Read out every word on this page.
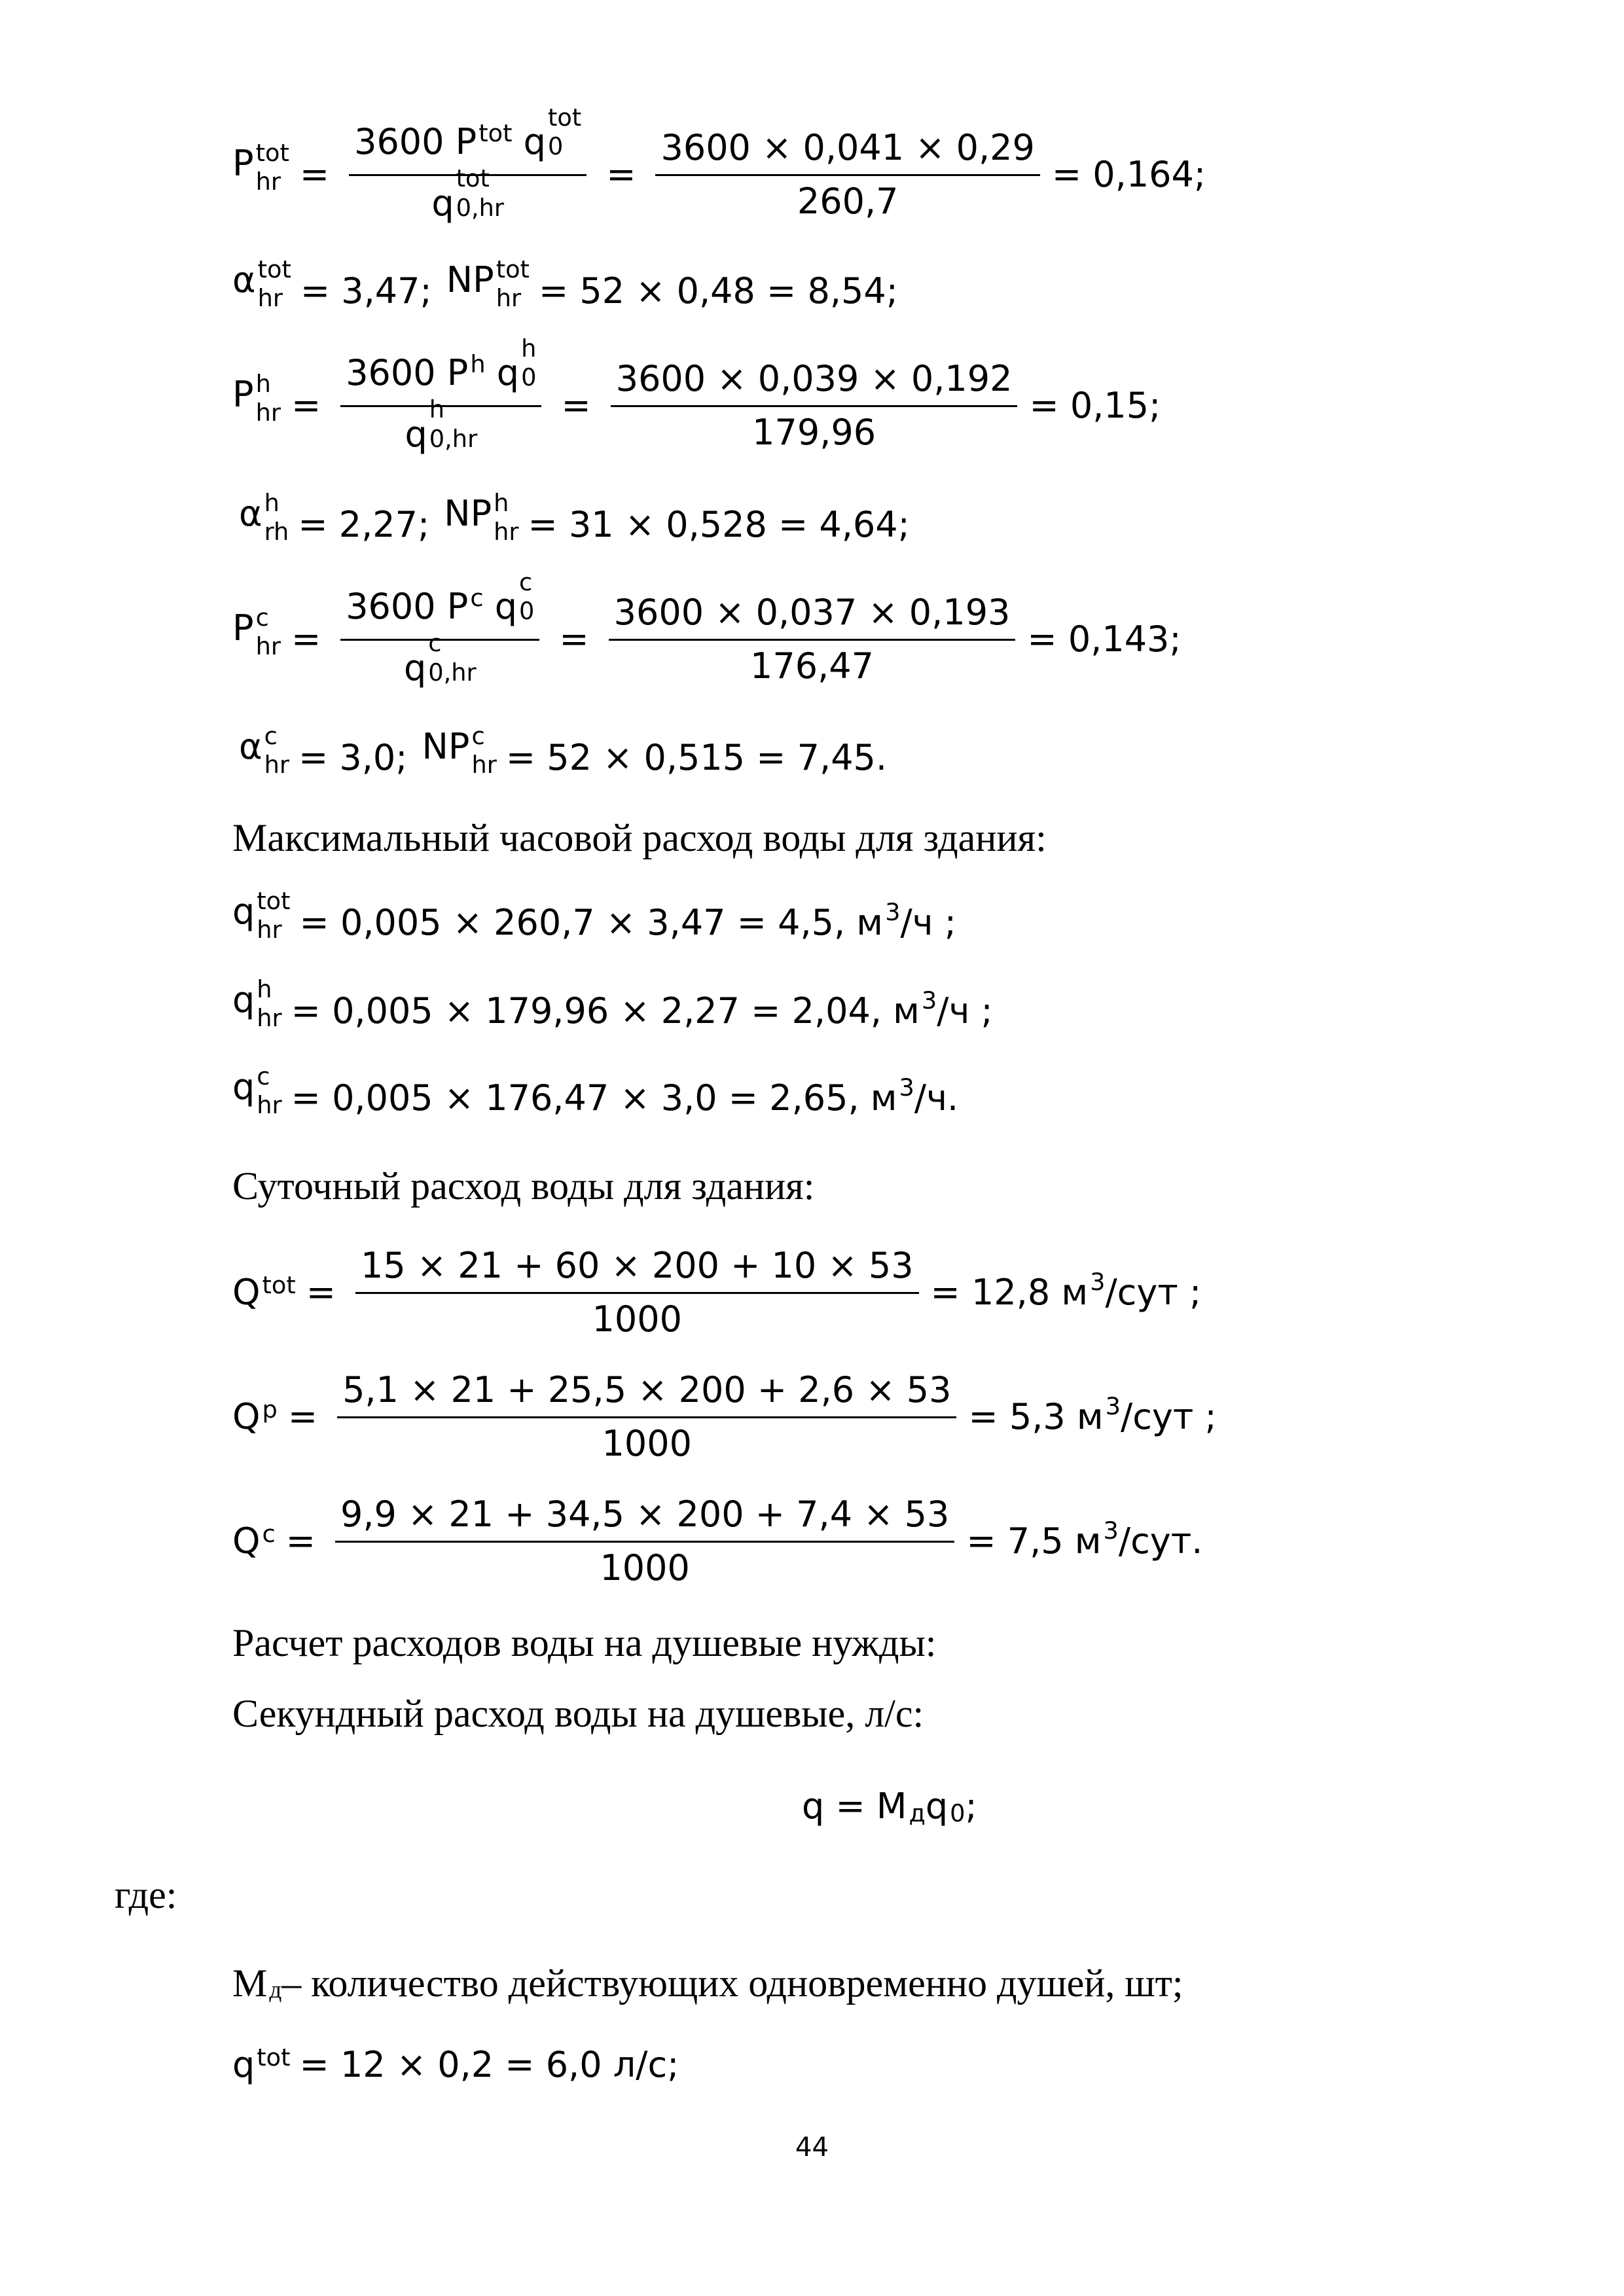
P tot
hr = 3600 P tot q
tot
0
q
tot
$0,hr = \frac{3600 \times 0,041 \times 0,29}{260,7} = 0,164$;
α tot
hr = 3,47; NP tot
hr = 52 × 0,48 = 8,54;
P h
hr = 3600 P h q
h
0
q
h
$0,hr = \frac{3600 \times 0,039 \times 0,192}{179,96} = 0,15$;
α h
rh = 2,27; NP h
hr = 31 × 0,528 = 4,64;
P c
hr = 3600 P c q
c
0
q
c
$0,hr = \frac{3600 \times 0,037 \times 0,193}{176,47} = 0,143$;
α c
hr = 3,0; NP c
hr = 52 × 0,515 = 7,45.
Максимальный часовой расход воды для здания:
q tot
hr = 0,005 × 260,7 × 3,47 = 4,5, м 3 /ч ;
q h
hr = 0,005 × 179,96 × 2,27 = 2,04, м 3 /ч ;
q c
hr = 0,005 × 176,47 × 3,0 = 2,65, м 3 /ч.
Суточный расход воды для здания:
Q tot = $\frac{15 \times 21 + 60 \times 200 + 10 \times 53}{1000} = 12,8$ м 3 /сут ;
Q $p = \frac{5,1 \times 21 + 25,5 \times 200 + 2,6 \times 53}{1000} = 5,3$ м 3 /сут ;
Q $c = \frac{9,9 \times 21 + 34,5 \times 200 + 7,4 \times 53}{1000} = 7,5$ м 3 /сут.
Расчет расходов воды на душевые нужды:
Секундный расход воды на душевые, л/с:
q = M д q 0 ;
где:
М д – количество действующих одновременно душей, шт;
q tot = 12 × 0,2 = 6,0 л/с;
44
